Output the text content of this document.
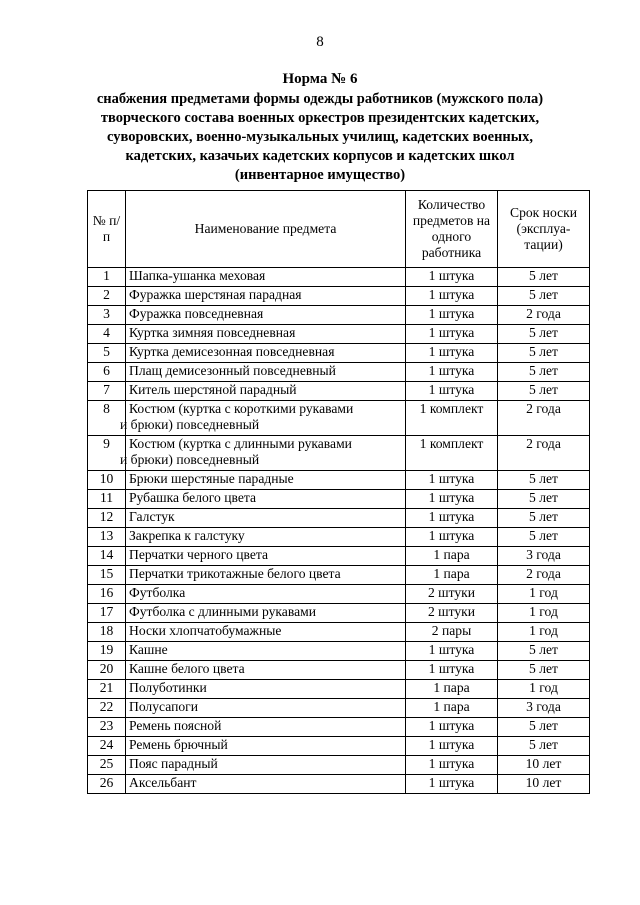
8
Норма № 6
снабжения предметами формы одежды работников (мужского пола)
творческого состава военных оркестров президентских кадетских,
суворовских, военно-музыкальных училищ, кадетских военных,
кадетских, казачьих кадетских корпусов и кадетских школ
(инвентарное имущество)
№ п/п	Наименование предмета	Количество предметов на одного работника	Срок носки (эксплуа-тации)
1	Шапка-ушанка меховая	1 штука	5 лет
2	Фуражка шерстяная парадная	1 штука	5 лет
3	Фуражка повседневная	1 штука	2 года
4	Куртка зимняя повседневная	1 штука	5 лет
5	Куртка демисезонная повседневная	1 штука	5 лет
6	Плащ демисезонный повседневный	1 штука	5 лет
7	Китель шерстяной парадный	1 штука	5 лет
8	Костюм (куртка с короткими рукавами
и брюки) повседневный	1 комплект	2 года
9	Костюм (куртка с длинными рукавами
и брюки) повседневный	1 комплект	2 года
10	Брюки шерстяные парадные	1 штука	5 лет
11	Рубашка белого цвета	1 штука	5 лет
12	Галстук	1 штука	5 лет
13	Закрепка к галстуку	1 штука	5 лет
14	Перчатки черного цвета	1 пара	3 года
15	Перчатки трикотажные белого цвета	1 пара	2 года
16	Футболка	2 штуки	1 год
17	Футболка с длинными рукавами	2 штуки	1 год
18	Носки хлопчатобумажные	2 пары	1 год
19	Кашне	1 штука	5 лет
20	Кашне белого цвета	1 штука	5 лет
21	Полуботинки	1 пара	1 год
22	Полусапоги	1 пара	3 года
23	Ремень поясной	1 штука	5 лет
24	Ремень брючный	1 штука	5 лет
25	Пояс парадный	1 штука	10 лет
26	Аксельбант	1 штука	10 лет
